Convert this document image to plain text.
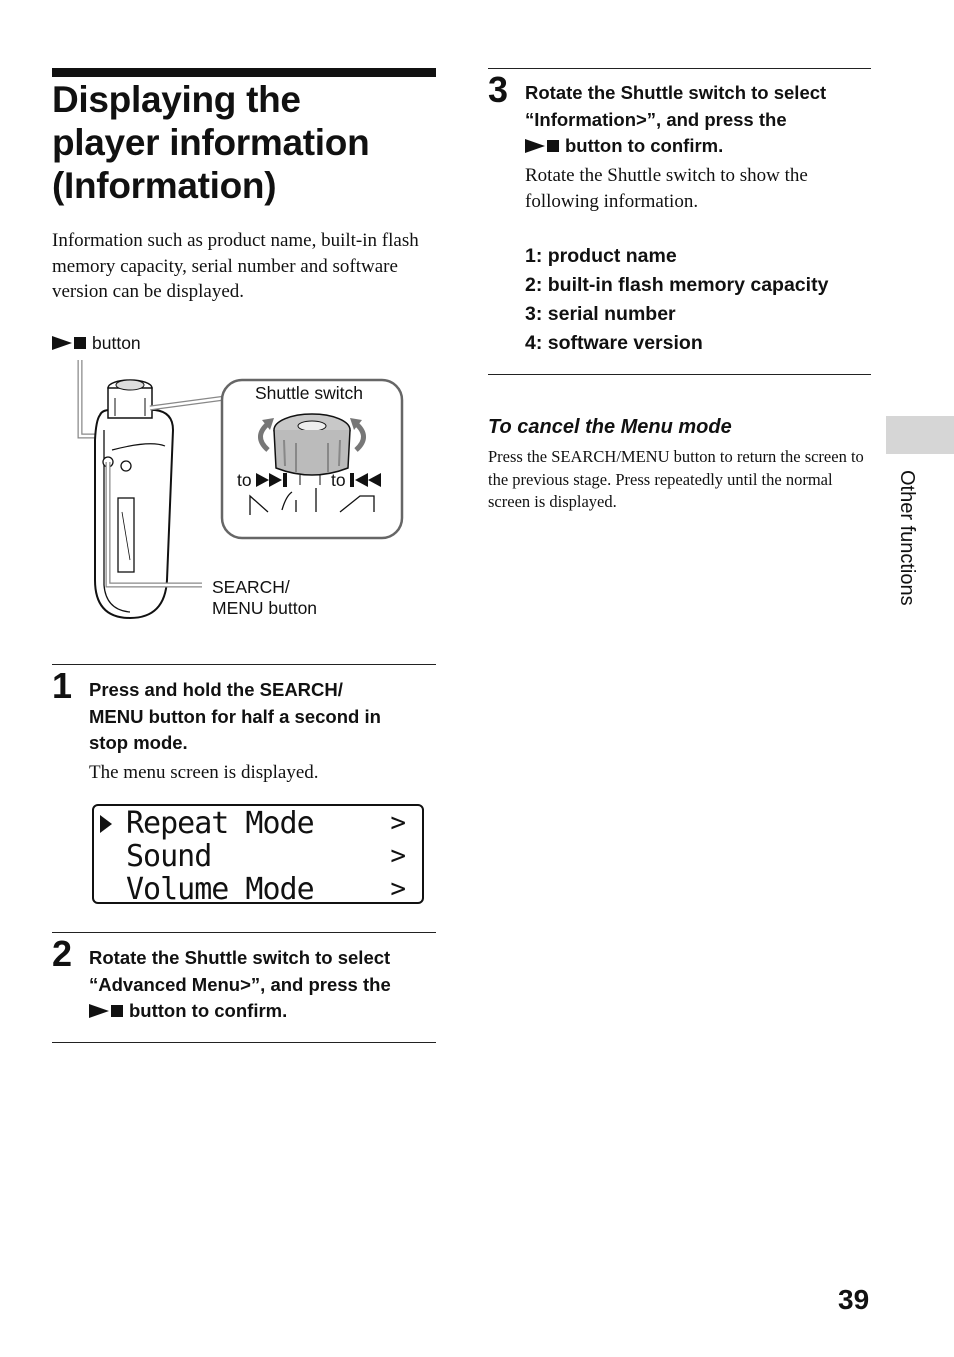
Displaying the
player information
(Information)
Information such as product name, built-in flash memory capacity, serial number and software version can be displayed.
button
Shuttle switch
to	to
SEARCH/
MENU button
1 Press and hold the SEARCH/
MENU button for half a second in
stop mode.
The menu screen is displayed.
Repeat Mode	>
Sound	>
Volume Mode	>
2 Rotate the Shuttle switch to select
“Advanced Menu>”, and press the
button to confirm.
3 Rotate the Shuttle switch to select
“Information>”, and press the
button to confirm.
Rotate the Shuttle switch to show the following information.
1: product name
2: built-in flash memory capacity
3: serial number
4: software version
To cancel the Menu mode
Press the SEARCH/MENU button to return the screen to the previous stage. Press repeatedly until the normal screen is displayed.	Other functions
39
